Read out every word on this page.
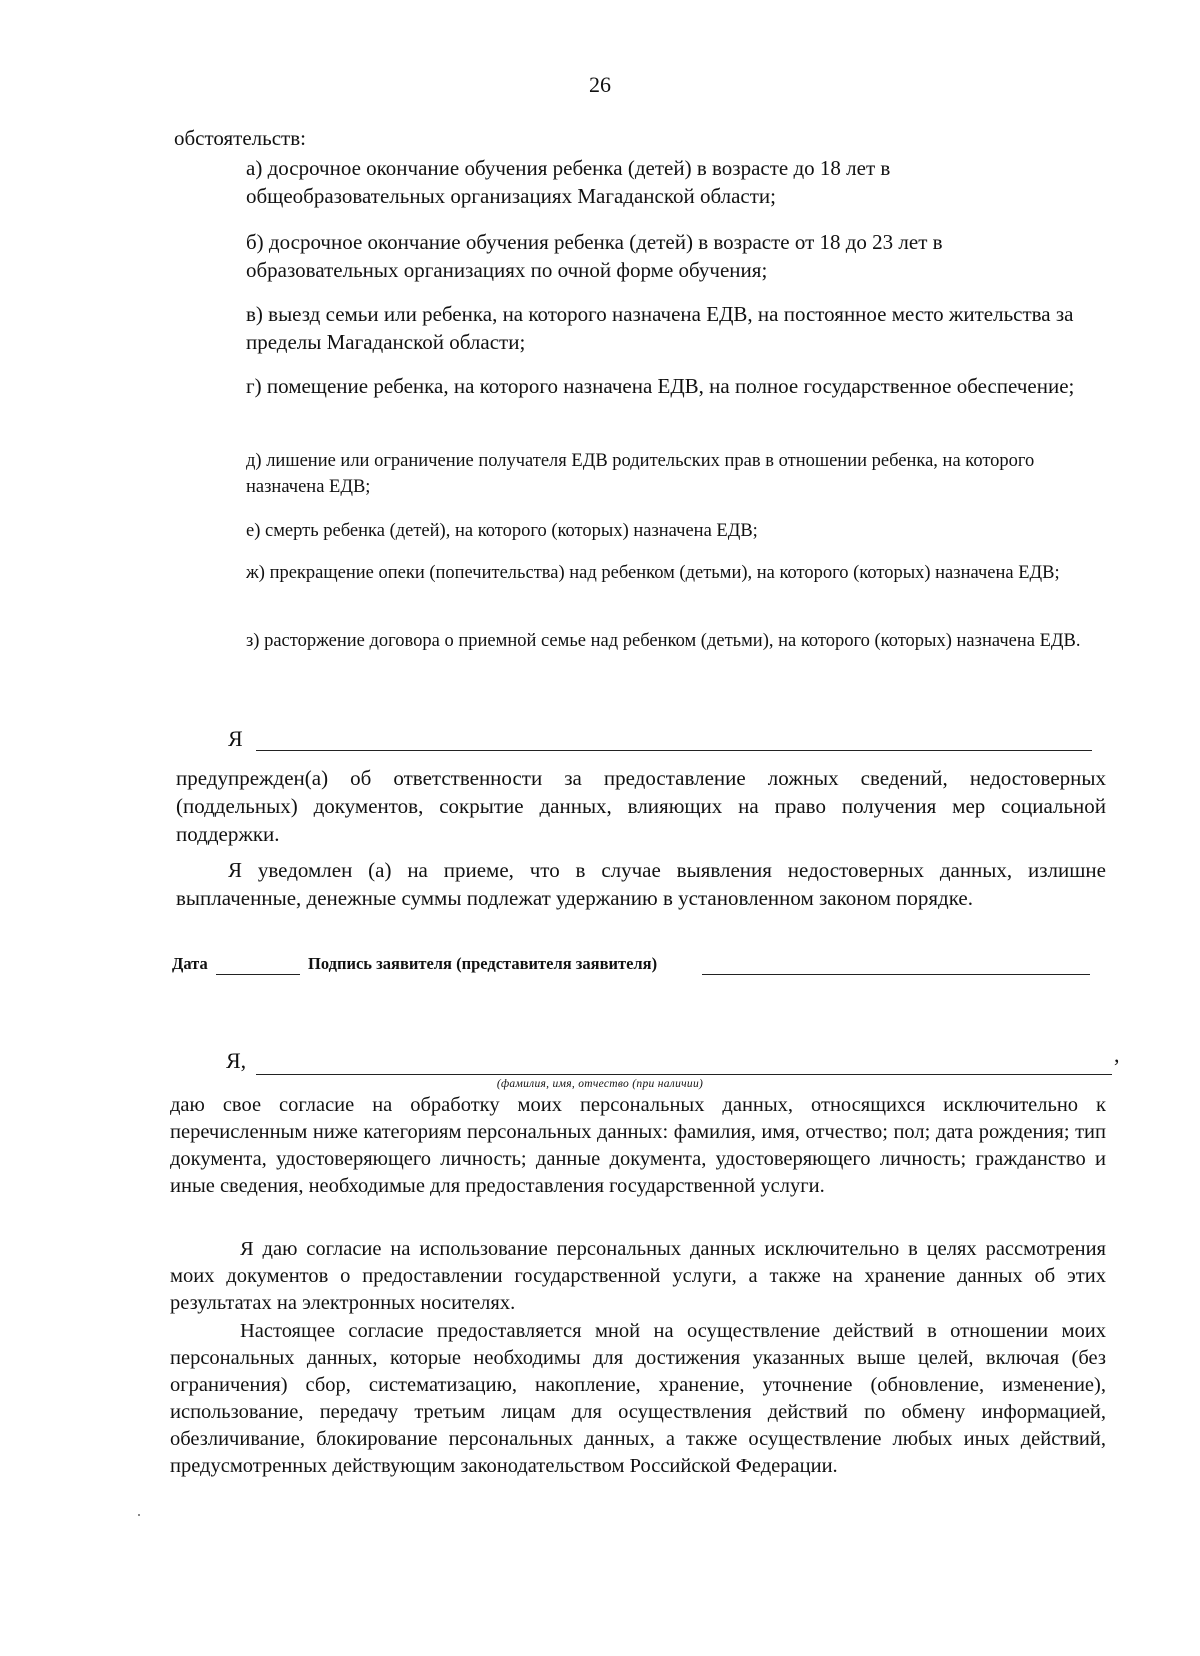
26
обстоятельств:
а) досрочное окончание обучения ребенка (детей) в возрасте до 18 лет в общеобразовательных организациях Магаданской области;
б) досрочное окончание обучения ребенка (детей) в возрасте от 18 до 23 лет в образовательных организациях по очной форме обучения;
в) выезд семьи или ребенка, на которого назначена ЕДВ, на постоянное место жительства за пределы Магаданской области;
г) помещение ребенка, на которого назначена ЕДВ, на полное государственное обеспечение;
д) лишение или ограничение получателя ЕДВ родительских прав в отношении ребенка, на которого назначена ЕДВ;
е) смерть ребенка (детей), на которого (которых) назначена ЕДВ;
ж) прекращение опеки (попечительства) над ребенком (детьми), на которого (которых) назначена ЕДВ;
з) расторжение договора о приемной семье над ребенком (детьми), на которого (которых) назначена ЕДВ.
Я
предупрежден(а) об ответственности за предоставление ложных сведений, недостоверных (поддельных) документов, сокрытие данных, влияющих на право получения мер социальной поддержки.
Я уведомлен (а) на приеме, что в случае выявления недостоверных данных, излишне выплаченные, денежные суммы подлежат удержанию в установленном законом порядке.
Дата	Подпись заявителя (представителя заявителя)
Я,	,
(фамилия, имя, отчество (при наличии)
даю свое согласие на обработку моих персональных данных, относящихся исключительно к перечисленным ниже категориям персональных данных: фамилия, имя, отчество; пол; дата рождения; тип документа, удостоверяющего личность; данные документа, удостоверяющего личность; гражданство и иные сведения, необходимые для предоставления государственной услуги.
Я даю согласие на использование персональных данных исключительно в целях рассмотрения моих документов о предоставлении государственной услуги, а также на хранение данных об этих результатах на электронных носителях.
Настоящее согласие предоставляется мной на осуществление действий в отношении моих персональных данных, которые необходимы для достижения указанных выше целей, включая (без ограничения) сбор, систематизацию, накопление, хранение, уточнение (обновление, изменение), использование, передачу третьим лицам для осуществления действий по обмену информацией, обезличивание, блокирование персональных данных, а также осуществление любых иных действий, предусмотренных действующим законодательством Российской Федерации.
